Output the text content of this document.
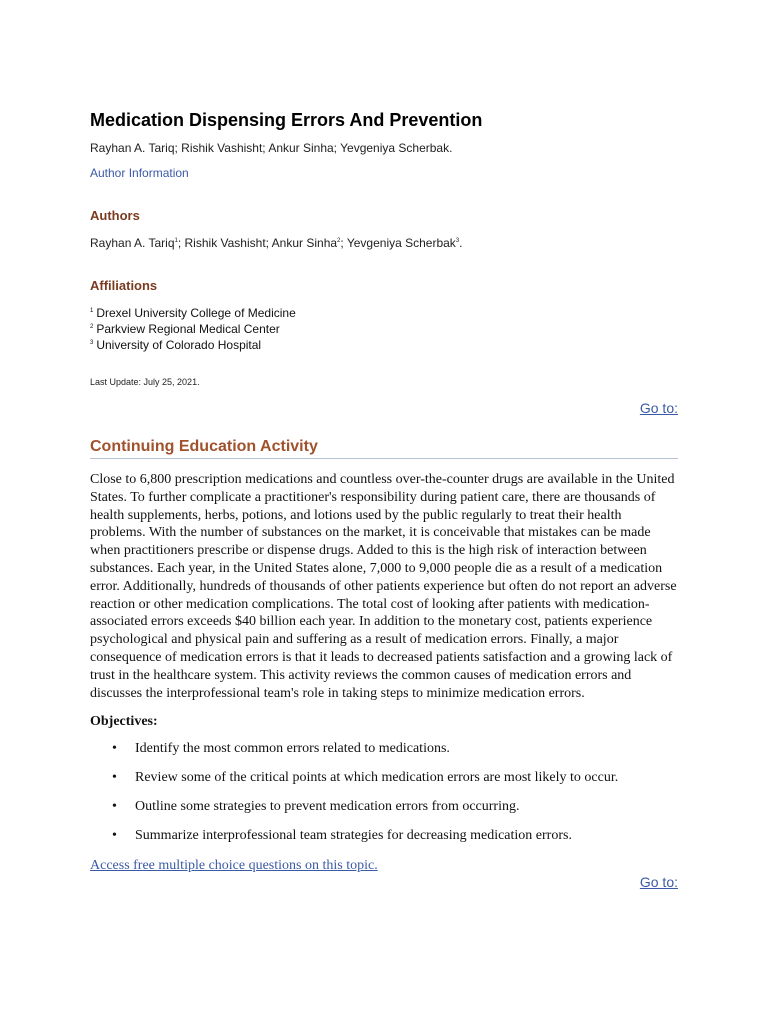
Medication Dispensing Errors And Prevention
Rayhan A. Tariq; Rishik Vashisht; Ankur Sinha; Yevgeniya Scherbak.
Author Information
Authors
Rayhan A. Tariq$^1$; Rishik Vashisht; Ankur Sinha$^2$; Yevgeniya Scherbak$^3$.
Affiliations
$^1$ Drexel University College of Medicine
$^2$ Parkview Regional Medical Center
$^3$ University of Colorado Hospital
Last Update: July 25, 2021.
Go to:
Continuing Education Activity
Close to 6,800 prescription medications and countless over-the-counter drugs are available in the United States. To further complicate a practitioner's responsibility during patient care, there are thousands of health supplements, herbs, potions, and lotions used by the public regularly to treat their health problems. With the number of substances on the market, it is conceivable that mistakes can be made when practitioners prescribe or dispense drugs. Added to this is the high risk of interaction between substances. Each year, in the United States alone, 7,000 to 9,000 people die as a result of a medication error. Additionally, hundreds of thousands of other patients experience but often do not report an adverse reaction or other medication complications. The total cost of looking after patients with medication-associated errors exceeds $40 billion each year. In addition to the monetary cost, patients experience psychological and physical pain and suffering as a result of medication errors. Finally, a major consequence of medication errors is that it leads to decreased patients satisfaction and a growing lack of trust in the healthcare system. This activity reviews the common causes of medication errors and discusses the interprofessional team's role in taking steps to minimize medication errors.
Objectives:
• Identify the most common errors related to medications.
• Review some of the critical points at which medication errors are most likely to occur.
• Outline some strategies to prevent medication errors from occurring.
• Summarize interprofessional team strategies for decreasing medication errors.
Access free multiple choice questions on this topic.
Go to:
